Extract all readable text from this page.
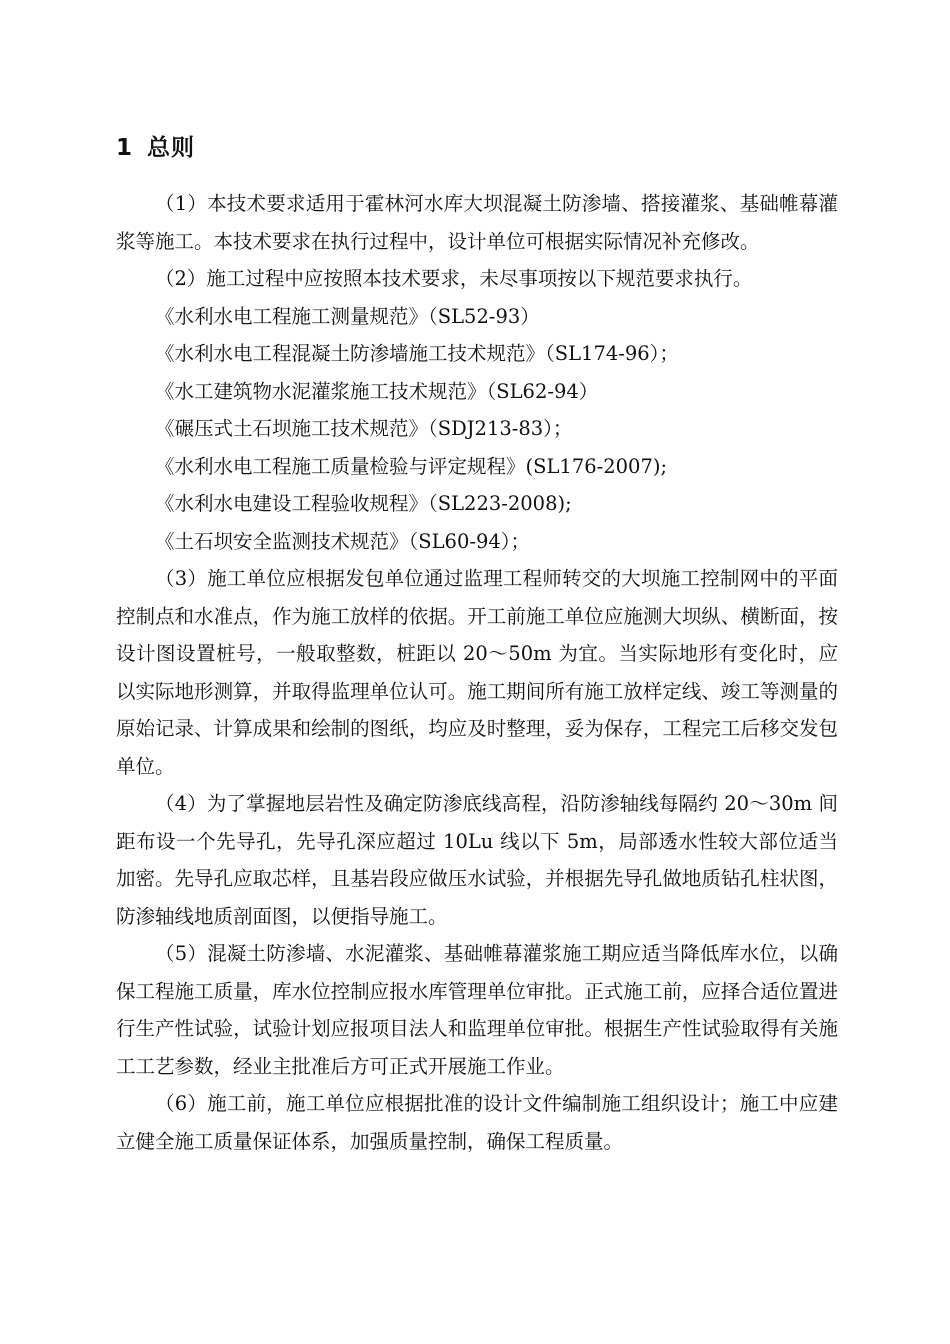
1 总则

（1）本技术要求适用于霍林河水库大坝混凝土防渗墙、搭接灌浆、基础帷幕灌浆等施工。本技术要求在执行过程中，设计单位可根据实际情况补充修改。

（2）施工过程中应按照本技术要求，未尽事项按以下规范要求执行。

《水利水电工程施工测量规范》（SL52-93）

《水利水电工程混凝土防渗墙施工技术规范》（SL174-96）；

《水工建筑物水泥灌浆施工技术规范》（SL62-94）

《碾压式土石坝施工技术规范》（SDJ213-83）；

《水利水电工程施工质量检验与评定规程》(SL176-2007);

《水利水电建设工程验收规程》（SL223-2008);

《土石坝安全监测技术规范》（SL60-94）；

（3）施工单位应根据发包单位通过监理工程师转交的大坝施工控制网中的平面控制点和水准点，作为施工放样的依据。开工前施工单位应施测大坝纵、横断面，按设计图设置桩号，一般取整数，桩距以 20～50m 为宜。当实际地形有变化时，应以实际地形测算，并取得监理单位认可。施工期间所有施工放样定线、竣工等测量的原始记录、计算成果和绘制的图纸，均应及时整理，妥为保存，工程完工后移交发包单位。

（4）为了掌握地层岩性及确定防渗底线高程，沿防渗轴线每隔约 20～30m 间距布设一个先导孔，先导孔深应超过 10Lu 线以下 5m，局部透水性较大部位适当加密。先导孔应取芯样，且基岩段应做压水试验，并根据先导孔做地质钻孔柱状图，防渗轴线地质剖面图，以便指导施工。

（5）混凝土防渗墙、水泥灌浆、基础帷幕灌浆施工期应适当降低库水位，以确保工程施工质量，库水位控制应报水库管理单位审批。正式施工前，应择合适位置进行生产性试验，试验计划应报项目法人和监理单位审批。根据生产性试验取得有关施工工艺参数，经业主批准后方可正式开展施工作业。

（6）施工前，施工单位应根据批准的设计文件编制施工组织设计；施工中应建立健全施工质量保证体系，加强质量控制，确保工程质量。
